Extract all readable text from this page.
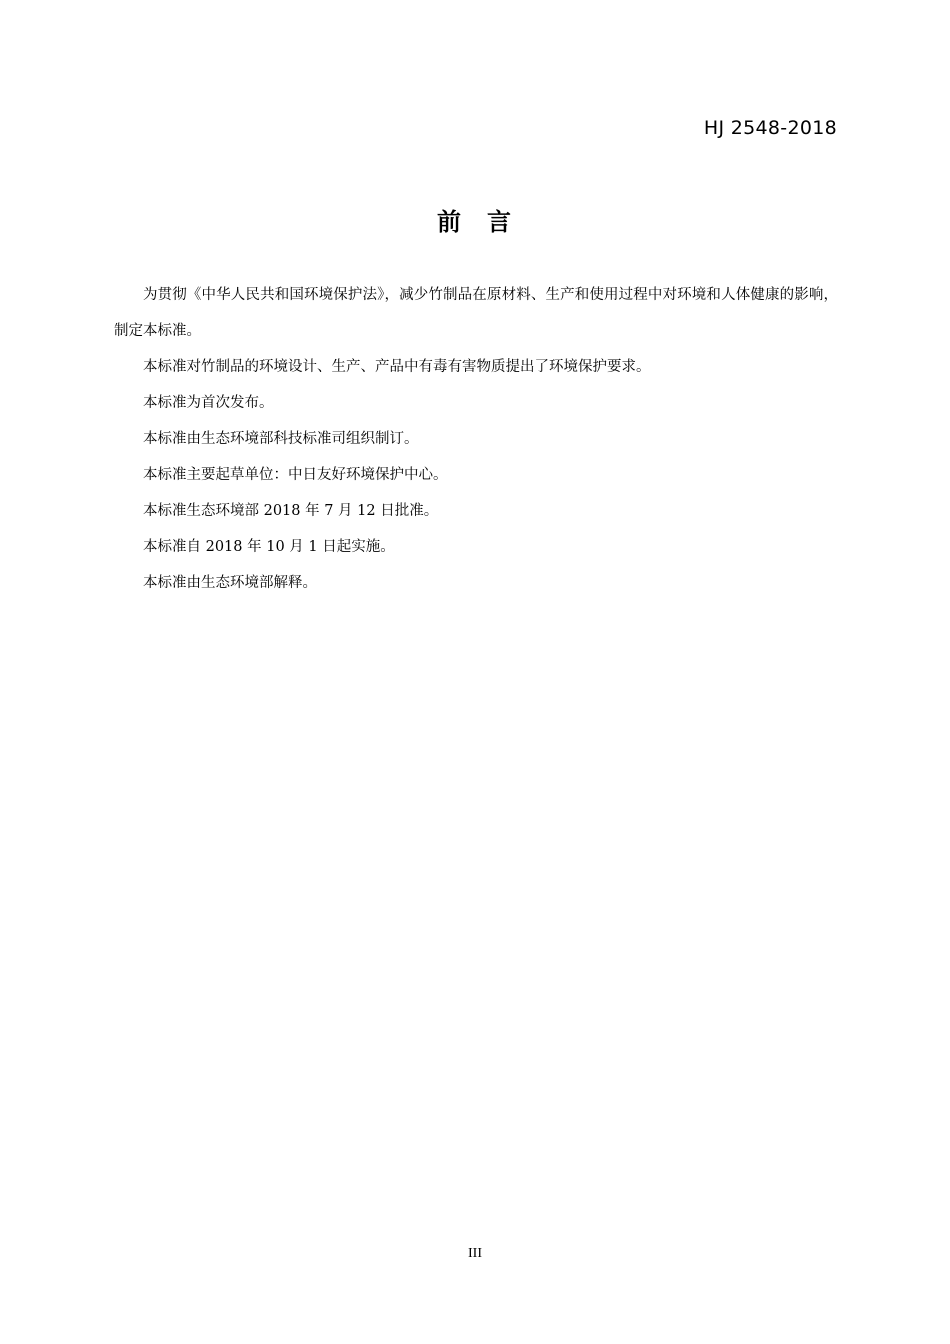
HJ 2548-2018
前 言

为贯彻《中华人民共和国环境保护法》，减少竹制品在原材料、生产和使用过程中对环境和人体健康的影响，制定本标准。

本标准对竹制品的环境设计、生产、产品中有毒有害物质提出了环境保护要求。

本标准为首次发布。

本标准由生态环境部科技标准司组织制订。

本标准主要起草单位：中日友好环境保护中心。

本标准生态环境部 2018 年 7 月 12 日批准。

本标准自 2018 年 10 月 1 日起实施。

本标准由生态环境部解释。

III
